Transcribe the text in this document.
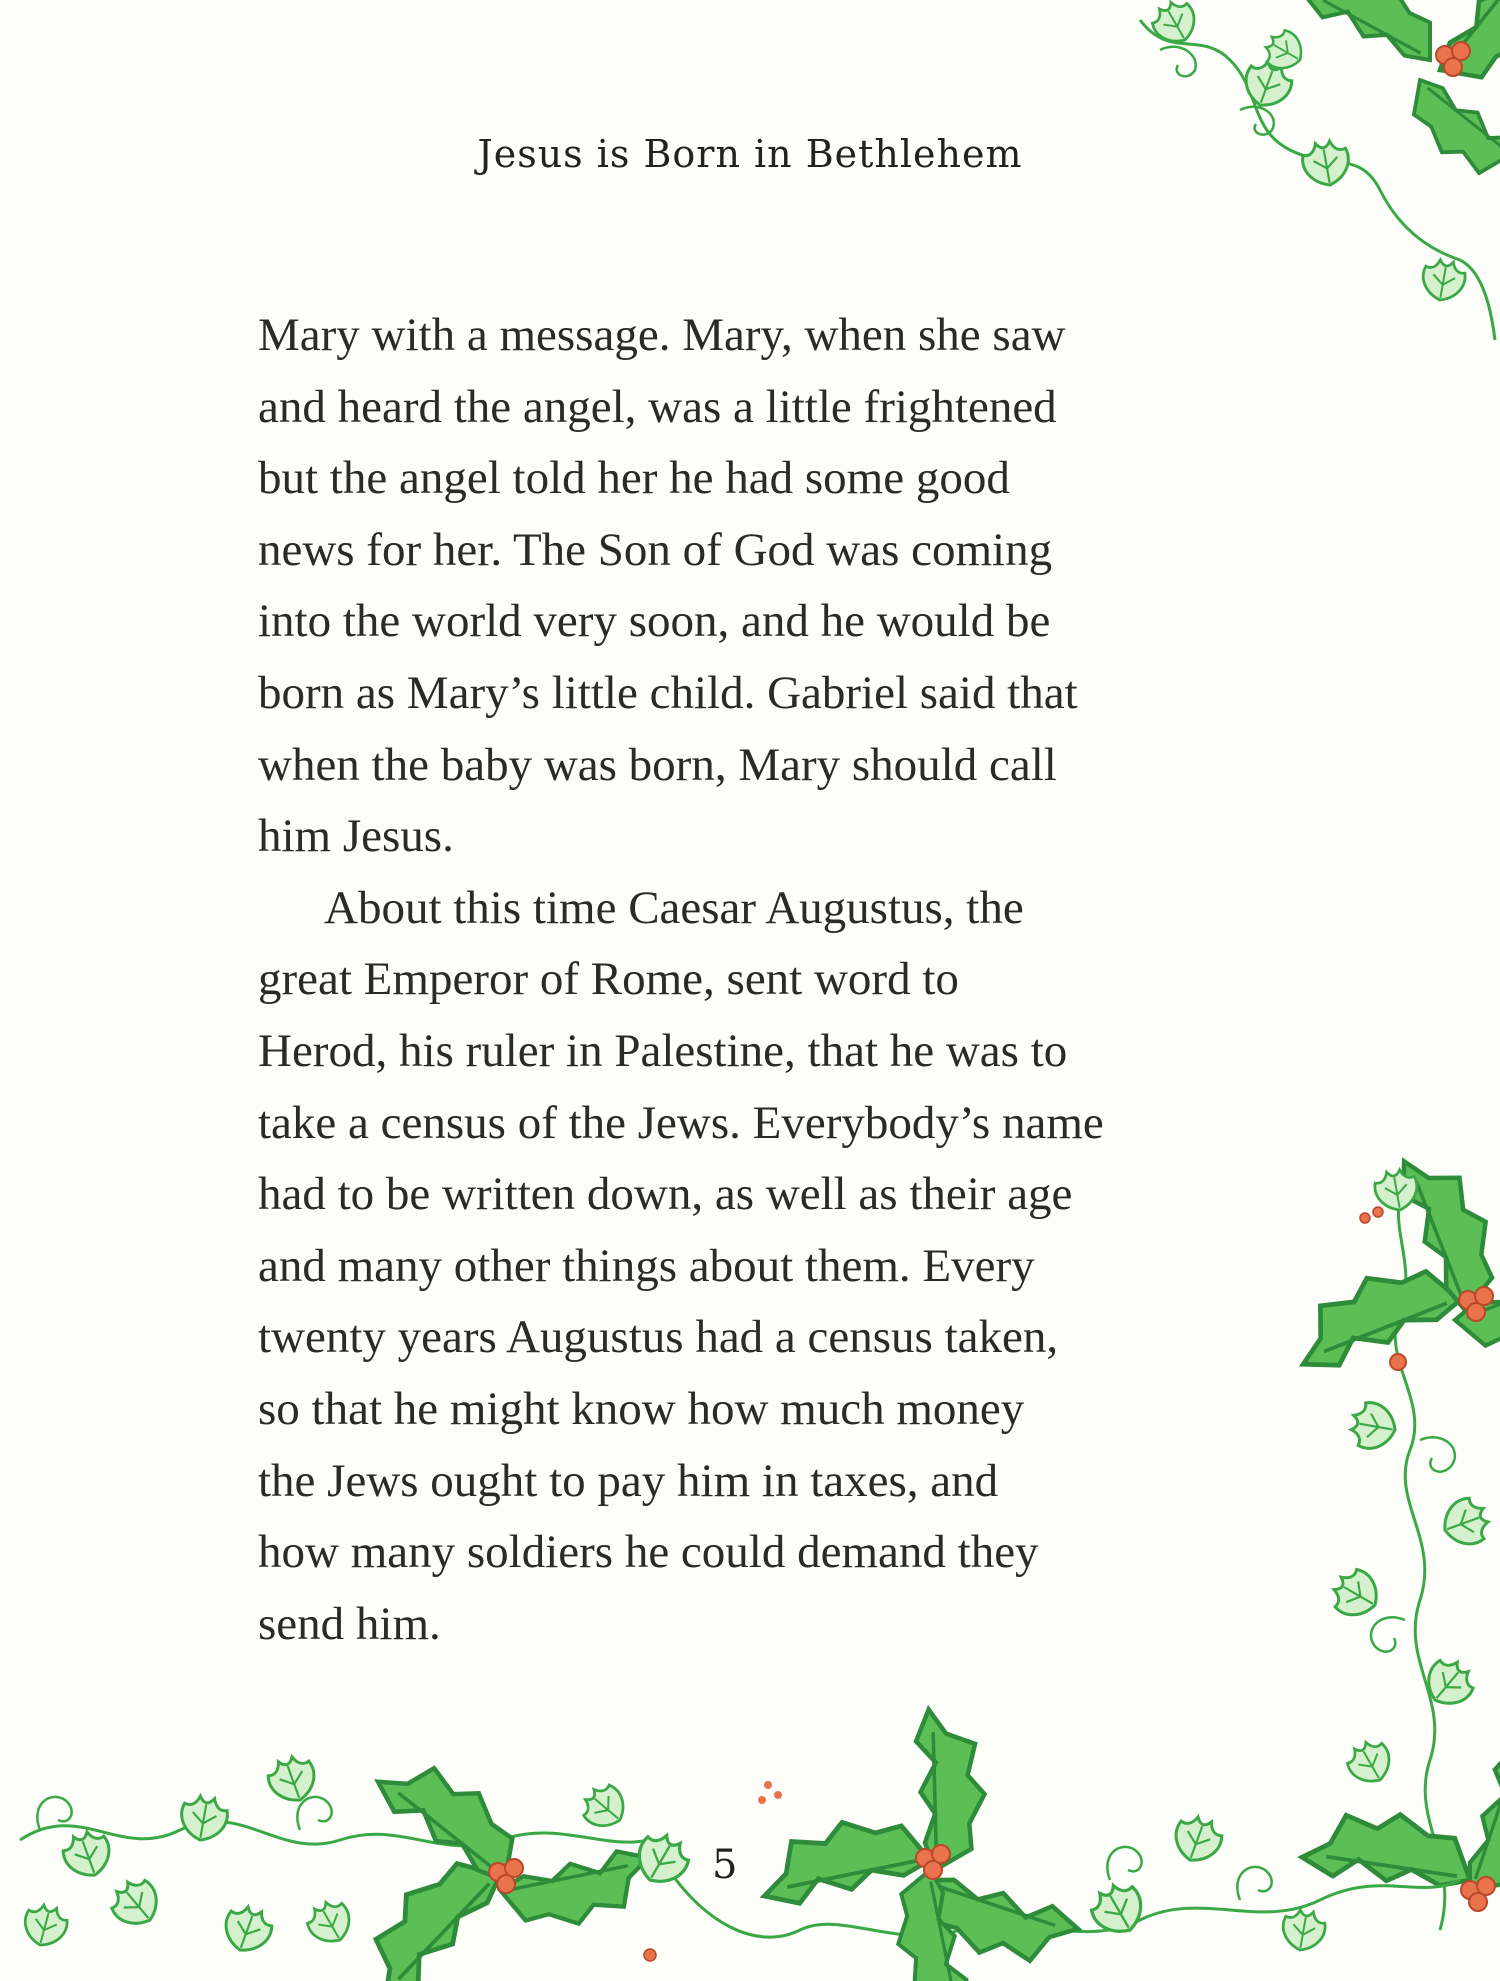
Jesus is Born in Bethlehem
Mary with a message. Mary, when she saw
and heard the angel, was a little frightened
but the angel told her he had some good
news for her. The Son of God was coming
into the world very soon, and he would be
born as Mary’s little child. Gabriel said that
when the baby was born, Mary should call
him Jesus.
About this time Caesar Augustus, the
great Emperor of Rome, sent word to
Herod, his ruler in Palestine, that he was to
take a census of the Jews. Everybody’s name
had to be written down, as well as their age
and many other things about them. Every
twenty years Augustus had a census taken,
so that he might know how much money
the Jews ought to pay him in taxes, and
how many soldiers he could demand they
send him.
5
